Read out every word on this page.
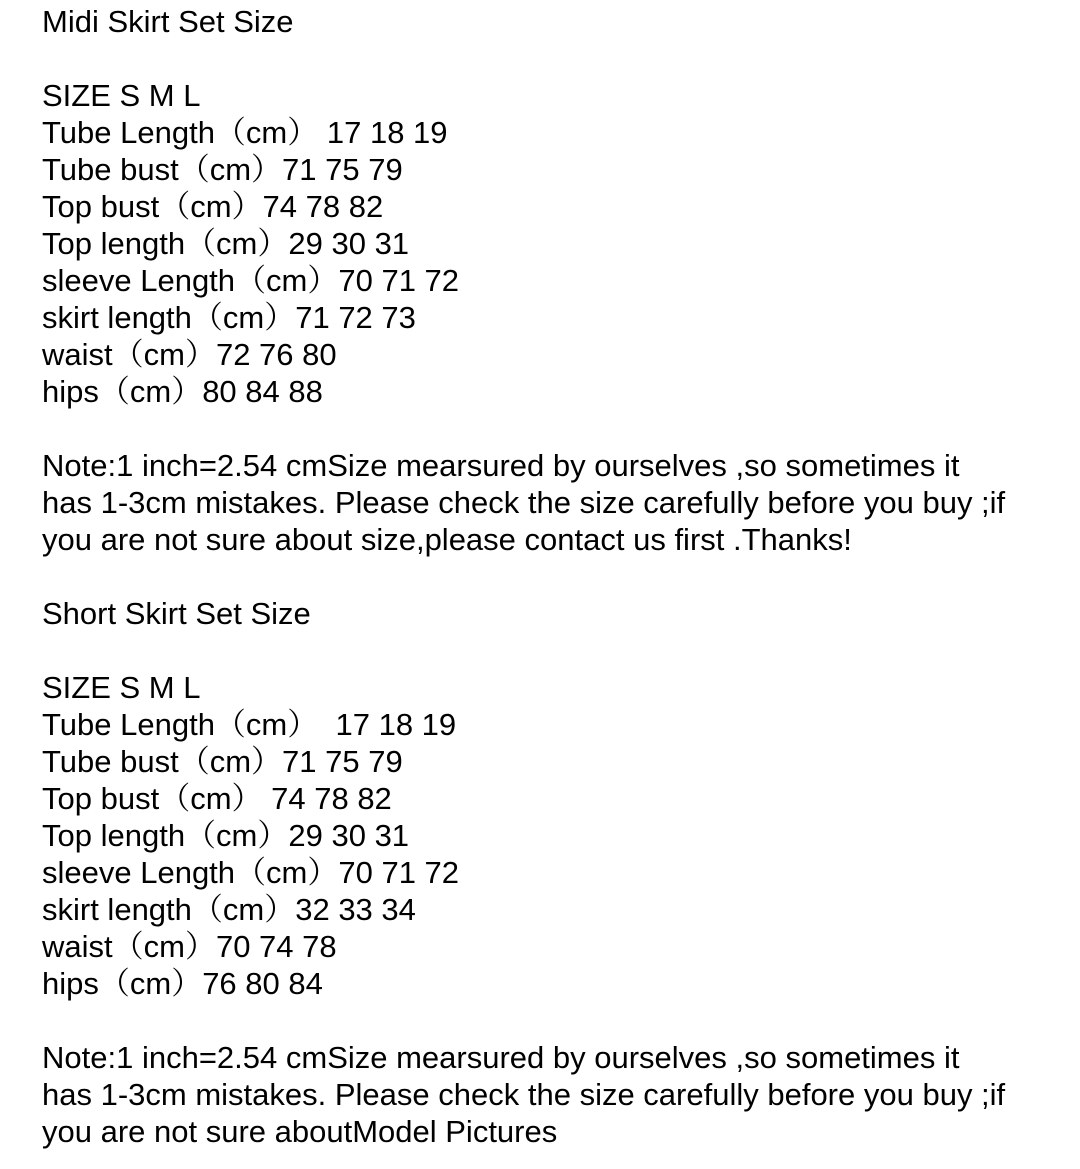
Midi Skirt Set Size

SIZE S M L

Tube Length（cm） 17 18 19

Tube bust（cm）71 75 79

Top bust（cm）74 78 82

Top length（cm）29 30 31

sleeve Length（cm）70 71 72

skirt length（cm）71 72 73

waist（cm）72 76 80

hips（cm）80 84 88

Note:1 inch=2.54 cmSize mearsured by ourselves ,so sometimes it

has 1-3cm mistakes. Please check the size carefully before you buy ;if

you are not sure about size,please contact us first .Thanks!

Short Skirt Set Size

SIZE S M L

Tube Length（cm）  17 18 19

Tube bust（cm）71 75 79

Top bust（cm） 74 78 82

Top length（cm）29 30 31

sleeve Length（cm）70 71 72

skirt length（cm）32 33 34

waist（cm）70 74 78

hips（cm）76 80 84

Note:1 inch=2.54 cmSize mearsured by ourselves ,so sometimes it

has 1-3cm mistakes. Please check the size carefully before you buy ;if

you are not sure aboutModel Pictures
